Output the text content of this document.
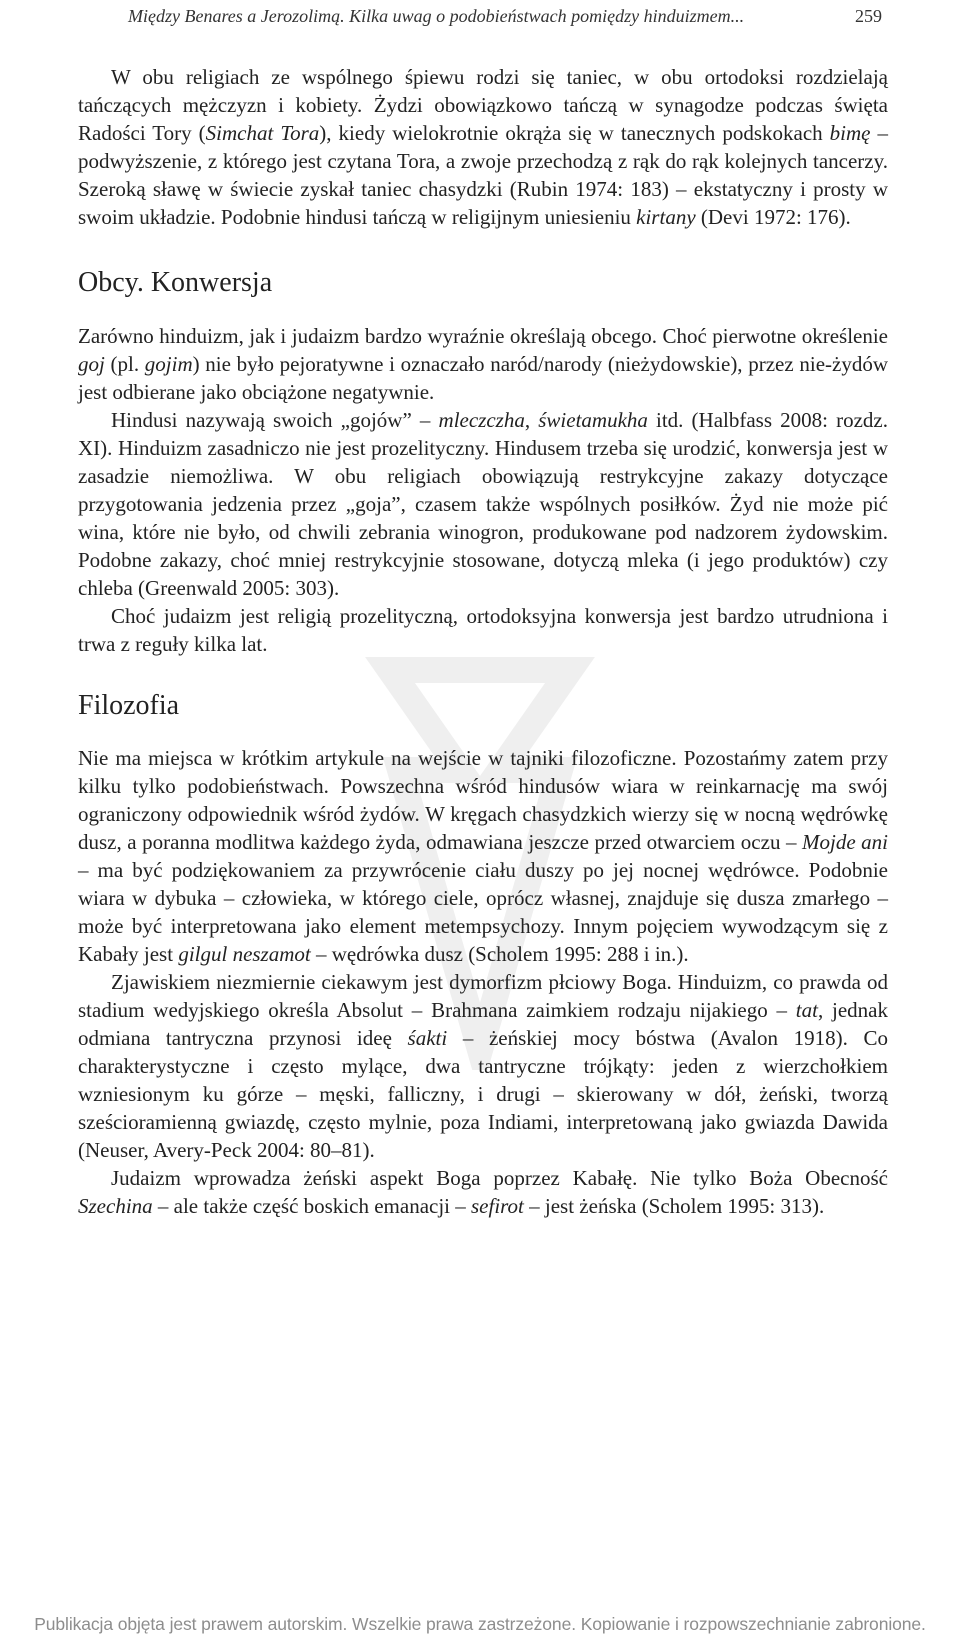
Między Benares a Jerozolimą. Kilka uwag o podobieństwach pomiędzy hinduizmem...	259

W obu religiach ze wspólnego śpiewu rodzi się taniec, w obu ortodoksi rozdzielają tańczących mężczyzn i kobiety. Żydzi obowiązkowo tańczą w synagodze podczas święta Radości Tory (Simchat Tora), kiedy wielokrotnie okrąża się w tanecznych podskokach bimę – podwyższenie, z którego jest czytana Tora, a zwoje przechodzą z rąk do rąk kolejnych tancerzy. Szeroką sławę w świecie zyskał taniec chasydzki (Rubin 1974: 183) – ekstatyczny i prosty w swoim układzie. Podobnie hindusi tańczą w religijnym uniesieniu kirtany (Devi 1972: 176).

Obcy. Konwersja

Zarówno hinduizm, jak i judaizm bardzo wyraźnie określają obcego. Choć pierwotne określenie goj (pl. gojim) nie było pejoratywne i oznaczało naród/narody (nieżydowskie), przez nie-żydów jest odbierane jako obciążone negatywnie.

Hindusi nazywają swoich „gojów” – mleczczha, świetamukha itd. (Halbfass 2008: rozdz. XI). Hinduizm zasadniczo nie jest prozelityczny. Hindusem trzeba się urodzić, konwersja jest w zasadzie niemożliwa. W obu religiach obowiązują restrykcyjne zakazy dotyczące przygotowania jedzenia przez „goja”, czasem także wspólnych posiłków. Żyd nie może pić wina, które nie było, od chwili zebrania winogron, produkowane pod nadzorem żydowskim. Podobne zakazy, choć mniej restrykcyjnie stosowane, dotyczą mleka (i jego produktów) czy chleba (Greenwald 2005: 303).

Choć judaizm jest religią prozelityczną, ortodoksyjna konwersja jest bardzo utrudniona i trwa z reguły kilka lat.

Filozofia

Nie ma miejsca w krótkim artykule na wejście w tajniki filozoficzne. Pozostańmy zatem przy kilku tylko podobieństwach. Powszechna wśród hindusów wiara w reinkarnację ma swój ograniczony odpowiednik wśród żydów. W kręgach chasydzkich wierzy się w nocną wędrówkę dusz, a poranna modlitwa każdego żyda, odmawiana jeszcze przed otwarciem oczu – Mojde ani – ma być podziękowaniem za przywrócenie ciału duszy po jej nocnej wędrówce. Podobnie wiara w dybuka – człowieka, w którego ciele, oprócz własnej, znajduje się dusza zmarłego – może być interpretowana jako element metempsychozy. Innym pojęciem wywodzącym się z Kabały jest gilgul neszamot – wędrówka dusz (Scholem 1995: 288 i in.).

Zjawiskiem niezmiernie ciekawym jest dymorfizm płciowy Boga. Hinduizm, co prawda od stadium wedyjskiego określa Absolut – Brahmana zaimkiem rodzaju nijakiego – tat, jednak odmiana tantryczna przynosi ideę śakti – żeńskiej mocy bóstwa (Avalon 1918). Co charakterystyczne i często mylące, dwa tantryczne trójkąty: jeden z wierzchołkiem wzniesionym ku górze – męski, falliczny, i drugi – skierowany w dół, żeński, tworzą sześcioramienną gwiazdę, często mylnie, poza Indiami, interpretowaną jako gwiazda Dawida (Neuser, Avery-Peck 2004: 80–81).

Judaizm wprowadza żeński aspekt Boga poprzez Kabałę. Nie tylko Boża Obecność Szechina – ale także część boskich emanacji – sefirot – jest żeńska (Scholem 1995: 313).

Publikacja objęta jest prawem autorskim. Wszelkie prawa zastrzeżone. Kopiowanie i rozpowszechnianie zabronione.
